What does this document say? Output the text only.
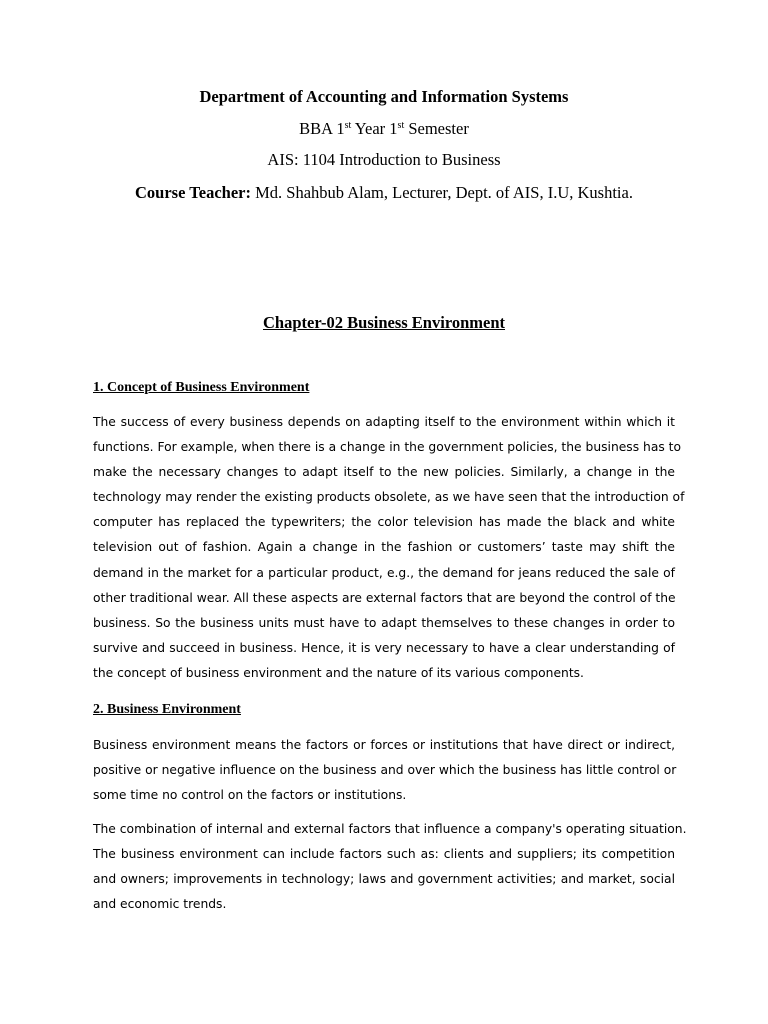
Department of Accounting and Information Systems
BBA 1st Year 1st Semester
AIS: 1104 Introduction to Business
Course Teacher: Md. Shahbub Alam, Lecturer, Dept. of AIS, I.U, Kushtia.
Chapter-02 Business Environment
1. Concept of Business Environment
The success of every business depends on adapting itself to the environment within which it
functions. For example, when there is a change in the government policies, the business has to
make the necessary changes to adapt itself to the new policies. Similarly, a change in the
technology may render the existing products obsolete, as we have seen that the introduction of
computer has replaced the typewriters; the color television has made the black and white
television out of fashion. Again a change in the fashion or customers’ taste may shift the
demand in the market for a particular product, e.g., the demand for jeans reduced the sale of
other traditional wear. All these aspects are external factors that are beyond the control of the
business. So the business units must have to adapt themselves to these changes in order to
survive and succeed in business. Hence, it is very necessary to have a clear understanding of
the concept of business environment and the nature of its various components.
2. Business Environment
Business environment means the factors or forces or institutions that have direct or indirect,
positive or negative influence on the business and over which the business has little control or
some time no control on the factors or institutions.
The combination of internal and external factors that influence a company's operating situation.
The business environment can include factors such as: clients and suppliers; its competition
and owners; improvements in technology; laws and government activities; and market, social
and economic trends.
